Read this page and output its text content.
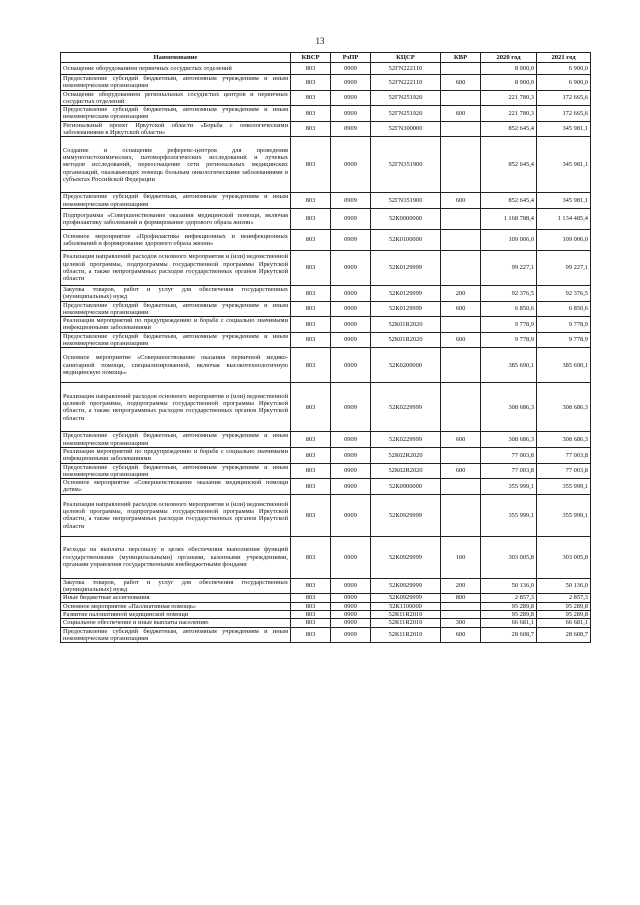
13
Наименование	КВСР	РзПР	КЦСР	КВР	2020 год	2021 год
Оснащение оборудованием первичных сосудистых отделений	803	0909	52ГN222110		8 900,0	6 900,0
Предоставление субсидий бюджетным, автономным учреждениям и иным некоммерческим организациям	803	0909	52ГN222110	600	8 900,0	6 900,0
Оснащение оборудованием региональных сосудистых центров и первичных сосудистых отделений	803	0909	52ГN251920		221 780,3	172 665,6
Предоставление субсидий бюджетным, автономным учреждениям и иным некоммерческим организациям	803	0909	52ГN251920	600	221 780,3	172 665,6
Региональный проект Иркутской области «Борьба с онкологическими заболеваниями в Иркутской области»	803	0909	52ГN300000		852 645,4	345 981,1
Создание и оснащение референс-центров для проведения иммуногистохимических, патоморфологических исследований и лучевых методов исследований, переоснащение сети региональных медицинских организаций, оказывающих помощь больным онкологическими заболеваниями в субъектах Российской Федерации	803	0909	52ГN351900		852 645,4	345 981,1
Предоставление субсидий бюджетным, автономным учреждениям и иным некоммерческим организациям	803	0909	52ГN351900	600	852 645,4	345 981,1
Подпрограмма «Совершенствование оказания медицинской помощи, включая профилактику заболеваний и формирование здорового образа жизни»	803	0909	52К0000000		1 168 788,4	1 134 485,4
Основное мероприятие «Профилактика инфекционных и неинфекционных заболеваний и формирование здорового образа жизни»	803	0909	52К0100000		109 006,0	109 006,0
Реализация направлений расходов основного мероприятия и (или) ведомственной целевой программы, подпрограммы государственной программы Иркутской области, а также непрограммных расходов государственных органов Иркутской области	803	0909	52К0129999		99 227,1	99 227,1
Закупка товаров, работ и услуг для обеспечения государственных (муниципальных) нужд	803	0909	52К0129999	200	92 376,5	92 376,5
Предоставление субсидий бюджетным, автономным учреждениям и иным некоммерческим организациям	803	0909	52К0129999	600	6 850,6	6 850,6
Реализация мероприятий по предупреждению и борьбе с социально значимыми инфекционными заболеваниями	803	0909	52К01R2020		9 778,9	9 778,9
Предоставление субсидий бюджетным, автономным учреждениям и иным некоммерческим организациям	803	0909	52К01R2020	600	9 778,9	9 778,9
Основное мероприятие «Совершенствование оказания первичной медико-санитарной помощи, специализированной, включая высокотехнологичную медицинскую помощь»	803	0909	52К0200000		385 690,1	385 690,1
Реализация направлений расходов основного мероприятия и (или) ведомственной целевой программы, подпрограммы государственной программы Иркутской области, а также непрограммных расходов государственных органов Иркутской области	803	0909	52К0229999		308 686,3	308 686,3
Предоставление субсидий бюджетным, автономным учреждениям и иным некоммерческим организациям	803	0909	52К0229999	600	308 686,3	308 686,3
Реализация мероприятий по предупреждению и борьбе с социально значимыми инфекционными заболеваниями	803	0909	52К02R2020		77 003,8	77 003,8
Предоставление субсидий бюджетным, автономным учреждениям и иным некоммерческим организациям	803	0909	52К02R2020	600	77 003,8	77 003,8
Основное мероприятие «Совершенствование оказания медицинской помощи детям»	803	0909	52К0900000		355 999,1	355 999,1
Реализация направлений расходов основного мероприятия и (или) ведомственной целевой программы, подпрограммы государственной программы Иркутской области, а также непрограммных расходов государственных органов Иркутской области	803	0909	52К0929999		355 999,1	355 999,1
Расходы на выплаты персоналу в целях обеспечения выполнения функций государственными (муниципальными) органами, казенными учреждениями, органами управления государственными внебюджетными фондами	803	0909	52К0929999	100	303 005,8	303 005,8
Закупка товаров, работ и услуг для обеспечения государственных (муниципальных) нужд	803	0909	52К0929999	200	50 136,0	50 136,0
Иные бюджетные ассигнования	803	0909	52К0929999	800	2 857,3	2 857,3
Основное мероприятие «Паллиативная помощь»	803	0909	52К1100000		95 289,8	95 289,8
Развитие паллиативной медицинской помощи	803	0909	52К11R2010		95 289,8	95 289,8
Социальное обеспечение и иные выплаты населению	803	0909	52К11R2010	300	66 681,1	66 681,1
Предоставление субсидий бюджетным, автономным учреждениям и иным некоммерческим организациям	803	0909	52К11R2010	600	28 608,7	28 608,7
